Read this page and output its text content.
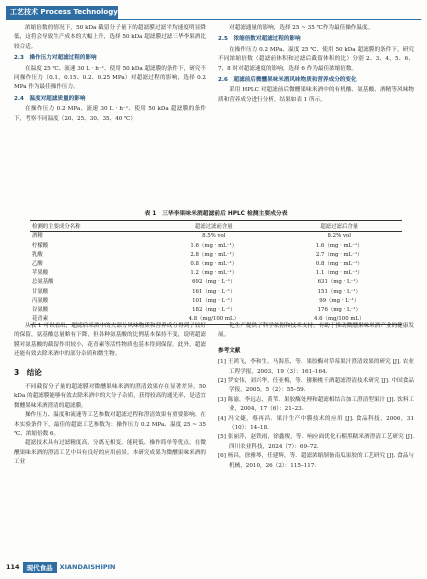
工艺技术 Process Technology

浓缩倍数的情况下，50 kDa 截留分子量下的超滤膜过滤平均速度明显降低，这将会导致生产成本的大幅上升，选择 50 kDa 超滤膜过滤三华李果酒比较合适。

2.3　操作压力对超滤过程的影响

在温度 25 ℃、流速 30 L · h⁻¹、使用 50 kDa 超滤膜的条件下，研究不同操作压力（0.1、0.15、0.2、0.25 MPa）对超滤过程的影响，选择 0.2 MPa 作为最佳操作压力。

2.4　温度对超滤质量的影响

在操作压力 0.2 MPa、流速 30 L · h⁻¹、使用 50 kDa 超滤膜的条件下，考察不同温度（20、25、30、35、40 ℃）

对超滤通量的影响，选择 25 ~ 35 ℃作为最佳操作温度。

2.5　浓缩倍数对超滤过程的影响

在操作压力 0.2 MPa、温度 25 ℃、使用 50 kDa 超滤膜的条件下，研究不同浓缩倍数（超滤前体积和过滤后截留体积的比）分别 2、3、4、5、6、7、8 时对超滤速度的影响，选择 6 作为最佳浓缩倍数。

2.6　超滤前后微醺果味米酒风味物质和营养成分的变化

采用 HPLC 对超滤前后微醺果味米酒中的有机酸、氨基酸、酒精等风味物质和营养成分进行分析，结果如表 1 所示。

表 1　三华李果味米酒超滤前后 HPLC 检测主要成分表
检测的主要成分名称	超滤过滤前含量	超滤过滤后含量
酒精	8.5% vol	8.2% vol
柠檬酸	1.6（mg · mL⁻¹）	1.6（mg · mL⁻¹）
乳酸	2.8（mg · mL⁻¹）	2.7（mg · mL⁻¹）
乙酸	0.8（mg · mL⁻¹）	0.8（mg · mL⁻¹）
苹果酸	1.2（mg · mL⁻¹）	1.1（mg · mL⁻¹）
总氨基酸	692（mg · L⁻¹）	631（mg · L⁻¹）
甘氨酸	161（mg · L⁻¹）	151（mg · L⁻¹）
丙氨酸	101（mg · L⁻¹）	99（mg · L⁻¹）
谷氨酸	182（mg · L⁻¹）	176（mg · L⁻¹）
花青素	4.8（mg/100 mL）	4.6（mg/100 mL）

从表 1 可以看出，超滤后米酒中的大部分风味物质和营养成分得到了较好的保留，氨基酸总量略有下降，但各种氨基酸的比例基本保持不变，说明超滤膜对氨基酸的截留作用较小，花青素等活性物质也基本得到保留。此外，超滤还能有效去除米酒中的部分杂质和微生物。

3　结论

不同截留分子量的超滤膜对微醺果味米酒的澄清效果存在显著差异，50 kDa 的超滤膜能够有效去除米酒中的大分子杂质，获得较高的通光率，是适宜微醺果味米酒澄清的超滤膜。

操作压力、温度和流速等工艺参数对超滤过程和澄清效果有重要影响。在本实验条件下，最佳的超滤工艺参数为：操作压力 0.2 MPa、温度 25 ~ 35 ℃、浓缩倍数 6。

超滤技术具有过滤精度高、分离无相变、能耗低、操作简单等优点，在微醺果味米酒的澄清工艺中具有良好的应用前景。本研究成果为微醺果味米酒的工业

化生产提供了科学依据和技术支持，有助于推动微醺果味米酒产业的健康发展。

参考文献

[1] 王鸿飞，李和生，马海乐，等．果胶酶对草莓果汁澄清效果的研究 [J]. 农业工程学报，2003，19（3）：161–164.

[2] 罗安伟，刘兴华，任亚梅，等．猕猴桃干酒超滤澄清技术研究 [J]. 中国食品学报，2005，5（2）：55–59.

[3] 陈渝，李远志，黄苇．果胶酶处理和超滤相结合加工澄清型果汁 [J]. 饮料工业，2004，17（6）：21–23.

[4] 冯文婕，蔡再昌．果汁生产中膜技术的应用 [J]. 食品科技，2006，31（10）：14–18.

[5] 张丽萍，赵铁雨，徐鑫俊，等．响应面优化石榴黑糯米酒澄清工艺研究 [J]. 四川农业科技，2024（7）：69–72.

[6] 杨昌，徐雅琴，任建辉，等．超滤浓缩制备南瓜果胶的工艺研究 [J]. 食品与机械，2010，26（2）：115–117.

114	现代食品	XIANDAISHIPIN
